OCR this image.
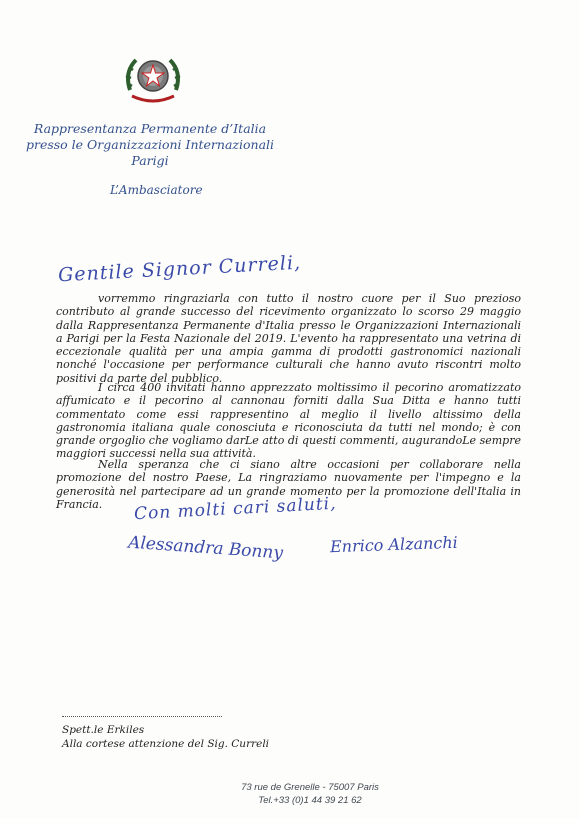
Rappresentanza Permanente d’Italia
presso le Organizzazioni Internazionali
Parigi
L’Ambasciatore
Gentile Signor Curreli,

vorremmo ringraziarla con tutto il nostro cuore per il Suo prezioso contributo al grande successo del ricevimento organizzato lo scorso 29 maggio dalla Rappresentanza Permanente d'Italia presso le Organizzazioni Internazionali a Parigi per la Festa Nazionale del 2019. L'evento ha rappresentato una vetrina di eccezionale qualità per una ampia gamma di prodotti gastronomici nazionali nonché l'occasione per performance culturali che hanno avuto riscontri molto positivi da parte del pubblico.

I circa 400 invitati hanno apprezzato moltissimo il pecorino aromatizzato affumicato e il pecorino al cannonau forniti dalla Sua Ditta e hanno tutti commentato come essi rappresentino al meglio il livello altissimo della gastronomia italiana quale conosciuta e riconosciuta da tutti nel mondo; è con grande orgoglio che vogliamo darLe atto di questi commenti, augurandoLe sempre maggiori successi nella sua attività.

Nella speranza che ci siano altre occasioni per collaborare nella promozione del nostro Paese, La ringraziamo nuovamente per l'impegno e la generosità nel partecipare ad un grande momento per la promozione dell'Italia in Francia.	Con molti cari saluti,
Alessandra Bonny	Enrico Alzanchi
Spett.le Erkiles
Alla cortese attenzione del Sig. Curreli
73 rue de Grenelle - 75007 Paris
Tel.+33 (0)1 44 39 21 62
